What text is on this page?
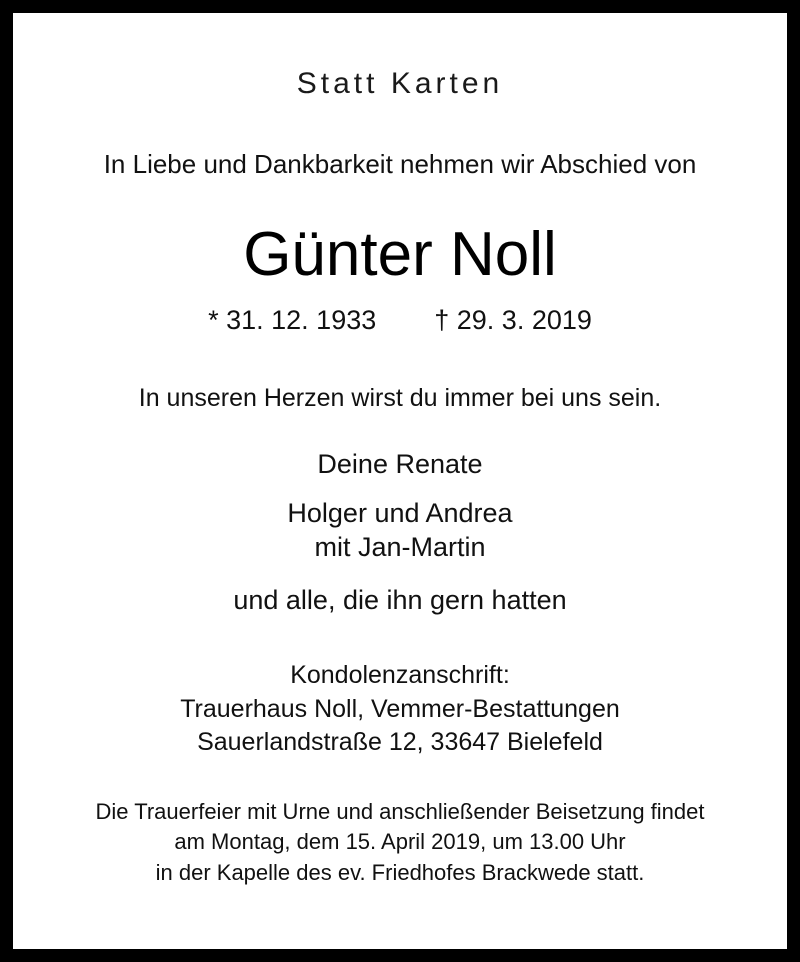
Statt Karten
In Liebe und Dankbarkeit nehmen wir Abschied von
Günter Noll
* 31. 12. 1933 † 29. 3. 2019
In unseren Herzen wirst du immer bei uns sein.
Deine Renate
Holger und Andrea
mit Jan-Martin
und alle, die ihn gern hatten
Kondolenzanschrift:
Trauerhaus Noll, Vemmer-Bestattungen
Sauerlandstraße 12, 33647 Bielefeld
Die Trauerfeier mit Urne und anschließender Beisetzung findet
am Montag, dem 15. April 2019, um 13.00 Uhr
in der Kapelle des ev. Friedhofes Brackwede statt.
